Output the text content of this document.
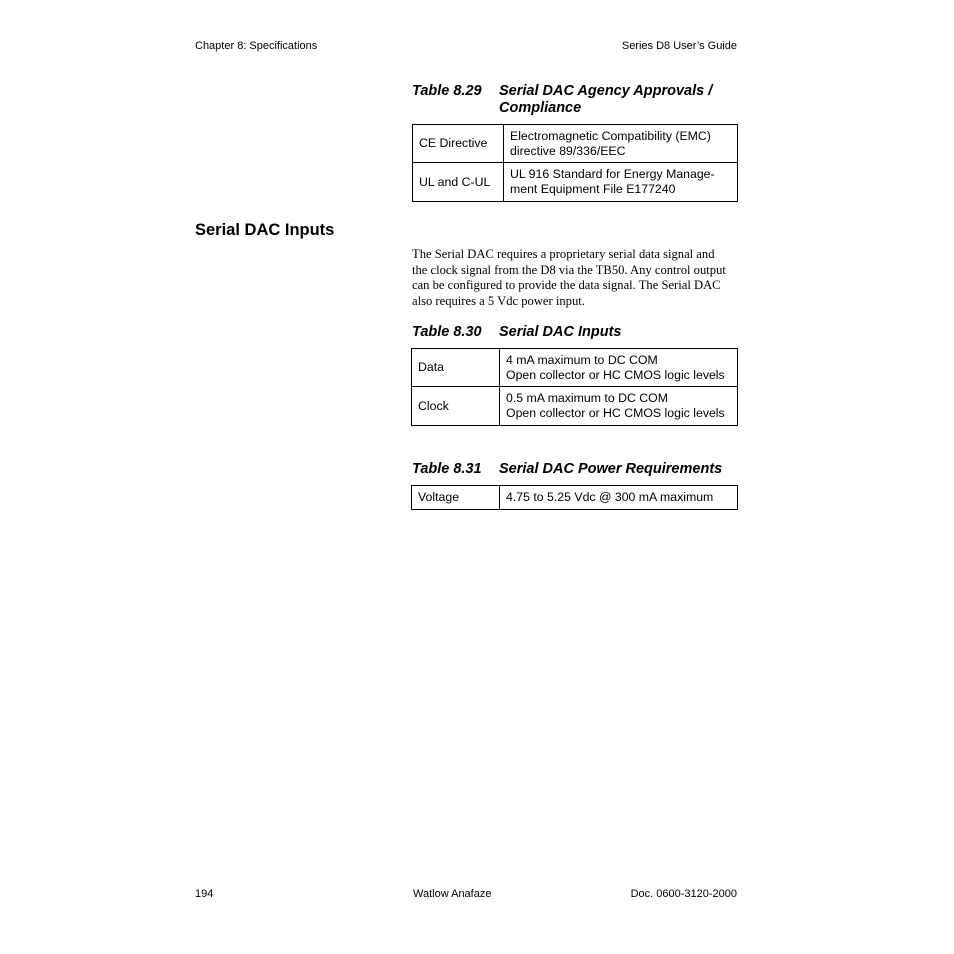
Chapter 8: Specifications	Series D8 User’s Guide
Table 8.29 Serial DAC Agency Approvals /
Compliance
CE Directive	Electromagnetic Compatibility (EMC)
directive 89/336/EEC

UL and C-UL	UL 916 Standard for Energy Manage-
ment Equipment File E177240
Serial DAC Inputs
The Serial DAC requires a proprietary serial data signal and
the clock signal from the D8 via the TB50. Any control output
can be configured to provide the data signal. The Serial DAC
also requires a 5 Vdc power input.
Table 8.30 Serial DAC Inputs
Data	4 mA maximum to DC COM
Open collector or HC CMOS logic levels

Clock	0.5 mA maximum to DC COM
Open collector or HC CMOS logic levels
Table 8.31 Serial DAC Power Requirements
Voltage	4.75 to 5.25 Vdc @ 300 mA maximum
194	Watlow Anafaze	Doc. 0600-3120-2000
